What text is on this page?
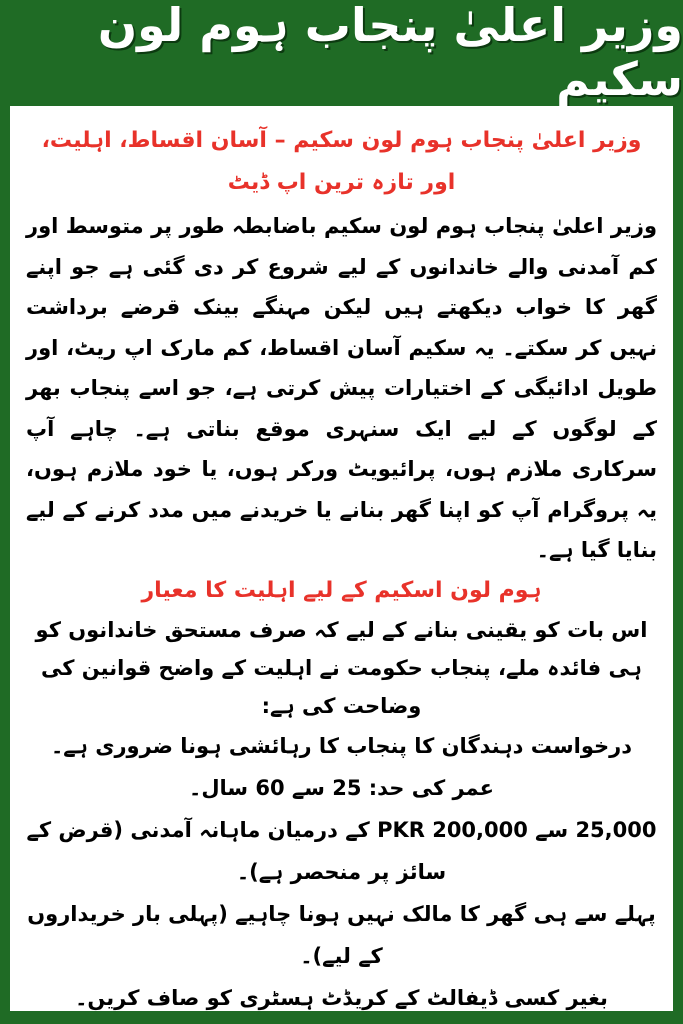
وزیر اعلیٰ پنجاب ہوم لون سکیم

وزیر اعلیٰ پنجاب ہوم لون سکیم – آسان اقساط، اہلیت، اور تازہ ترین اپ ڈیٹ

وزیر اعلیٰ پنجاب ہوم لون سکیم باضابطہ طور پر متوسط اور کم آمدنی والے خاندانوں کے لیے شروع کر دی گئی ہے جو اپنے گھر کا خواب دیکھتے ہیں لیکن مہنگے بینک قرضے برداشت نہیں کر سکتے۔ یہ سکیم آسان اقساط، کم مارک اپ ریٹ، اور طویل ادائیگی کے اختیارات پیش کرتی ہے، جو اسے پنجاب بھر کے لوگوں کے لیے ایک سنہری موقع بناتی ہے۔ چاہے آپ سرکاری ملازم ہوں، پرائیویٹ ورکر ہوں، یا خود ملازم ہوں، یہ پروگرام آپ کو اپنا گھر بنانے یا خریدنے میں مدد کرنے کے لیے بنایا گیا ہے۔

ہوم لون اسکیم کے لیے اہلیت کا معیار

اس بات کو یقینی بنانے کے لیے کہ صرف مستحق خاندانوں کو ہی فائدہ ملے، پنجاب حکومت نے اہلیت کے واضح قوانین کی وضاحت کی ہے:

درخواست دہندگان کا پنجاب کا رہائشی ہونا ضروری ہے۔
عمر کی حد: 25 سے 60 سال۔
25,000 سے PKR 200,000 کے درمیان ماہانہ آمدنی (قرض کے سائز پر منحصر ہے)۔
پہلے سے ہی گھر کا مالک نہیں ہونا چاہیے (پہلی بار خریداروں کے لیے)۔
بغیر کسی ڈیفالٹ کے کریڈٹ ہسٹری کو صاف کریں۔
